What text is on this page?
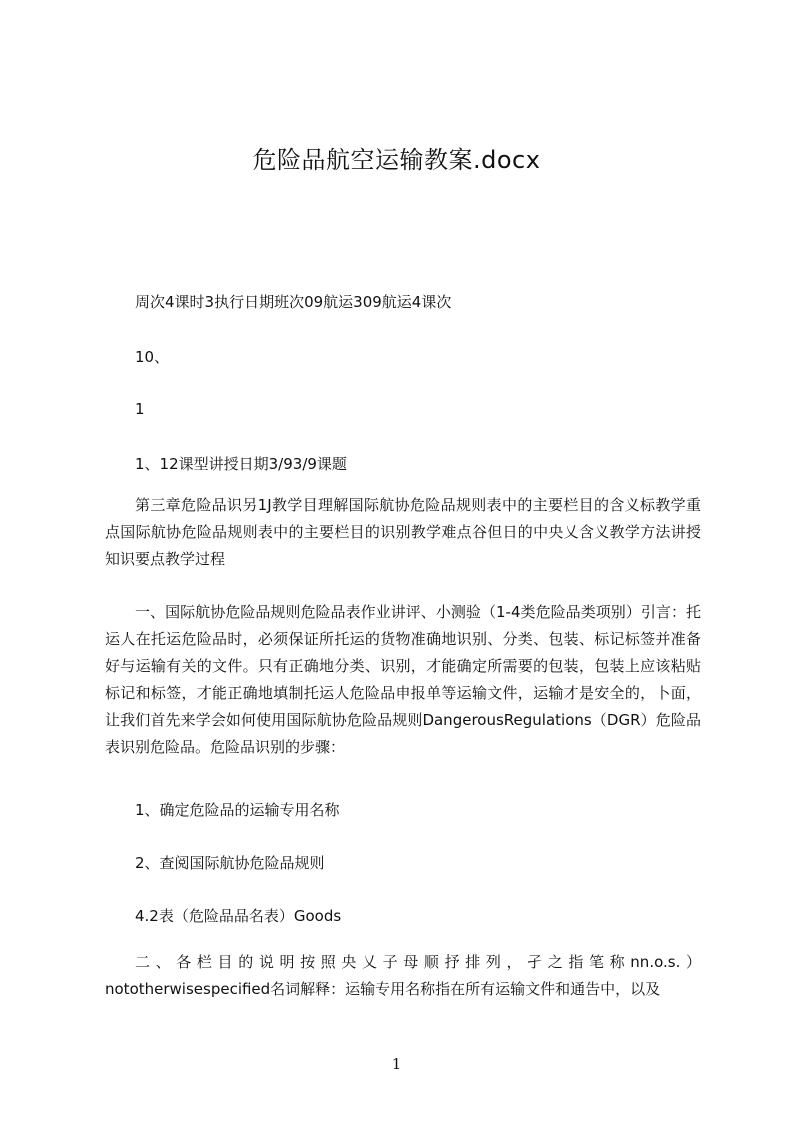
危险品航空运输教案.docx
周次4课时3执行日期班次09航运309航运4课次
10、
1
1、12课型讲授日期3/93/9课题

第三章危险品识另1J教学目理解国际航协危险品规则表中的主要栏目的含义标教学重点国际航协危险品规则表中的主要栏目的识别教学难点谷但日的中央乂含义教学方法讲授知识要点教学过程

一、国际航协危险品规则危险品表作业讲评、小测验（1-4类危险品类项别）引言：托运人在托运危险品时，必须保证所托运的货物准确地识别、分类、包装、标记标签并准备好与运输有关的文件。只有正确地分类、识别，才能确定所需要的包装，包装上应该粘贴标记和标签，才能正确地填制托运人危险品申报单等运输文件，运输才是安全的，卜面，让我们首先来学会如何使用国际航协危险品规则DangerousRegulations（DGR）危险品表识别危险品。危险品识别的步骤：

1、确定危险品的运输专用名称
2、查阅国际航协危险品规则
4.2表（危险品品名表）Goods

二、各栏目的说明按照央乂子母顺抒排列，孑之指笔称nn.o.s.）nototherwisespecified名词解释：运输专用名称指在所有运输文件和通告中，以及

1
